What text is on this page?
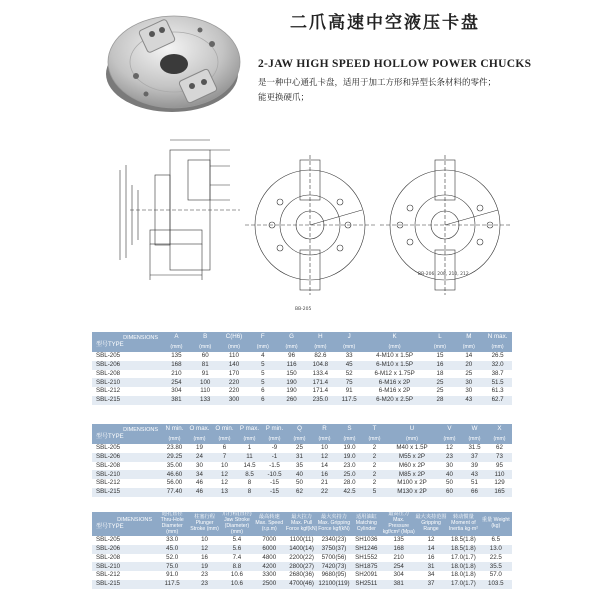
二爪高速中空液压卡盘
2-JAW HIGH SPEED HOLLOW POWER CHUCKS
是一种中心通孔卡盘，适用于加工方形和异型长条材料的零件；
能更换硬爪；
BB-205
BB-206, 208, 210, 212
DIMENSIONS
型号TYPE	A	B	C(H6)	F	G	H	J	K	L	M	N max.
	(mm)	(mm)	(mm)	(mm)	(mm)	(mm)	(mm)	(mm)	(mm)	(mm)	(mm)
SBL-205	135	60	110	4	96	82.6	33	4-M10 x 1.5P	15	14	26.5
SBL-206	168	81	140	5	116	104.8	45	6-M10 x 1.5P	16	20	32.0
SBL-208	210	91	170	5	150	133.4	52	6-M12 x 1.75P	18	25	38.7
SBL-210	254	100	220	5	190	171.4	75	6-M16 x 2P	25	30	51.5
SBL-212	304	110	220	6	190	171.4	91	6-M16 x 2P	25	30	61.3
SBL-215	381	133	300	6	260	235.0	117.5	6-M20 x 2.5P	28	43	62.7
DIMENSIONS
型号TYPE	N min.	O max.	O min.	P max.	P min.	Q	R	S	T	U	V	W	X
	(mm)	(mm)	(mm)	(mm)	(mm)	(mm)	(mm)	(mm)	(mm)	(mm)	(mm)	(mm)	(mm)
SBL-205	23.80	19	6	1	-9	25	10	19.0	2	M40 x 1.5P	12	31.5	62
SBL-206	29.25	24	7	11	-1	31	12	19.0	2	M55 x 2P	23	37	73
SBL-208	35.00	30	10	14.5	-1.5	35	14	23.0	2	M60 x 2P	30	39	95
SBL-210	46.60	34	12	8.5	-10.5	40	16	25.0	2	M85 x 2P	40	43	110
SBL-212	56.00	46	12	8	-15	50	21	28.0	2	M100 x 2P	50	51	129
SBL-215	77.40	46	13	8	-15	62	22	42.5	5	M130 x 2P	60	66	165
DIMENSIONS
型号TYPE	通孔直径 Thru-Hole Diameter (mm)	柱塞行程 Plunger Stroke (mm)	爪行程(直径) Jaw Stroke (Diameter) (mm)	最高转速 Max. Speed (r.p.m)	最大拉力 Max. Pull Force kgf(kN)	最大夹持力 Max. Gripping Force kgf(kN)	适用油缸 Matching Cylinder	最高压力 Max. Pressure kgf/cm² (Mpa)	最大夹持范围 Gripping Range	转动惯量 Moment of Inertia kg·m²	重量 Weight (kg)
SBL-205	33.0	10	5.4	7000	1100(11)	2340(23)	SH1036	135	12	18.5(1.8)	6.5
SBL-206	45.0	12	5.6	6000	1400(14)	3750(37)	SH1246	168	14	18.5(1.8)	13.0
SBL-208	52.0	16	7.4	4800	2200(22)	5700(56)	SH1552	210	16	17.0(1.7)	22.5
SBL-210	75.0	19	8.8	4200	2800(27)	7420(73)	SH1875	254	31	18.0(1.8)	35.5
SBL-212	91.0	23	10.6	3300	2680(36)	9680(95)	SH2091	304	34	18.0(1.8)	57.0
SBL-215	117.5	23	10.6	2500	4700(46)	12100(119)	SH2511	381	37	17.0(1.7)	103.5
